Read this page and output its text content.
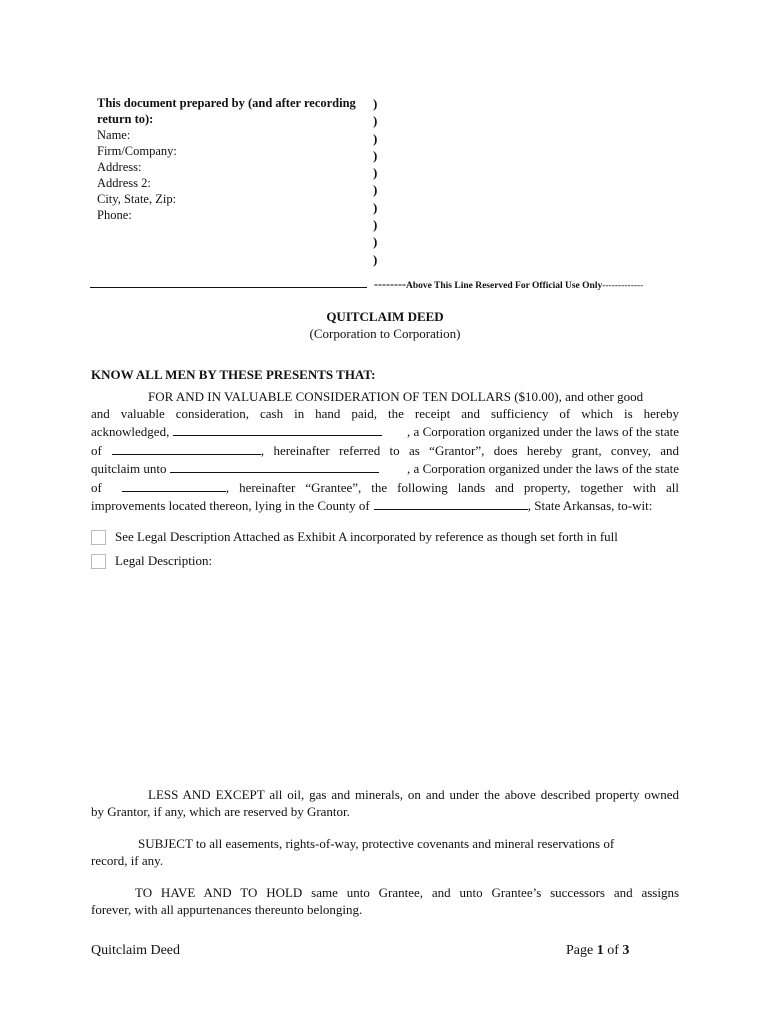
This document prepared by (and after recording
return to):
Name:
Firm/Company:
Address:
Address 2:
City, State, Zip:
Phone:
)
)
)
)
)
)
)
)
)
)
--------Above This Line Reserved For Official Use Only-------------
QUITCLAIM DEED
(Corporation to Corporation)
KNOW ALL MEN BY THESE PRESENTS THAT:
FOR AND IN VALUABLE CONSIDERATION OF TEN DOLLARS ($10.00), and other good
and valuable consideration, cash in hand paid, the receipt and sufficiency of which is hereby
acknowledged,	, a Corporation organized under the laws of the state
of	, hereinafter referred to as “Grantor”, does hereby grant, convey, and
quitclaim unto	, a Corporation organized under the laws of the state
of	, hereinafter “Grantee”, the following lands and property, together with all
improvements located thereon, lying in the County of	, State Arkansas, to-wit:
See Legal Description Attached as Exhibit A incorporated by reference as though set forth in full
Legal Description:
LESS AND EXCEPT all oil, gas and minerals, on and under the above described property owned
by Grantor, if any, which are reserved by Grantor.
SUBJECT to all easements, rights-of-way, protective covenants and mineral reservations of
record, if any.
TO HAVE AND TO HOLD same unto Grantee, and unto Grantee’s successors and assigns
forever, with all appurtenances thereunto belonging.
Quitclaim Deed	Page 1 of 3
